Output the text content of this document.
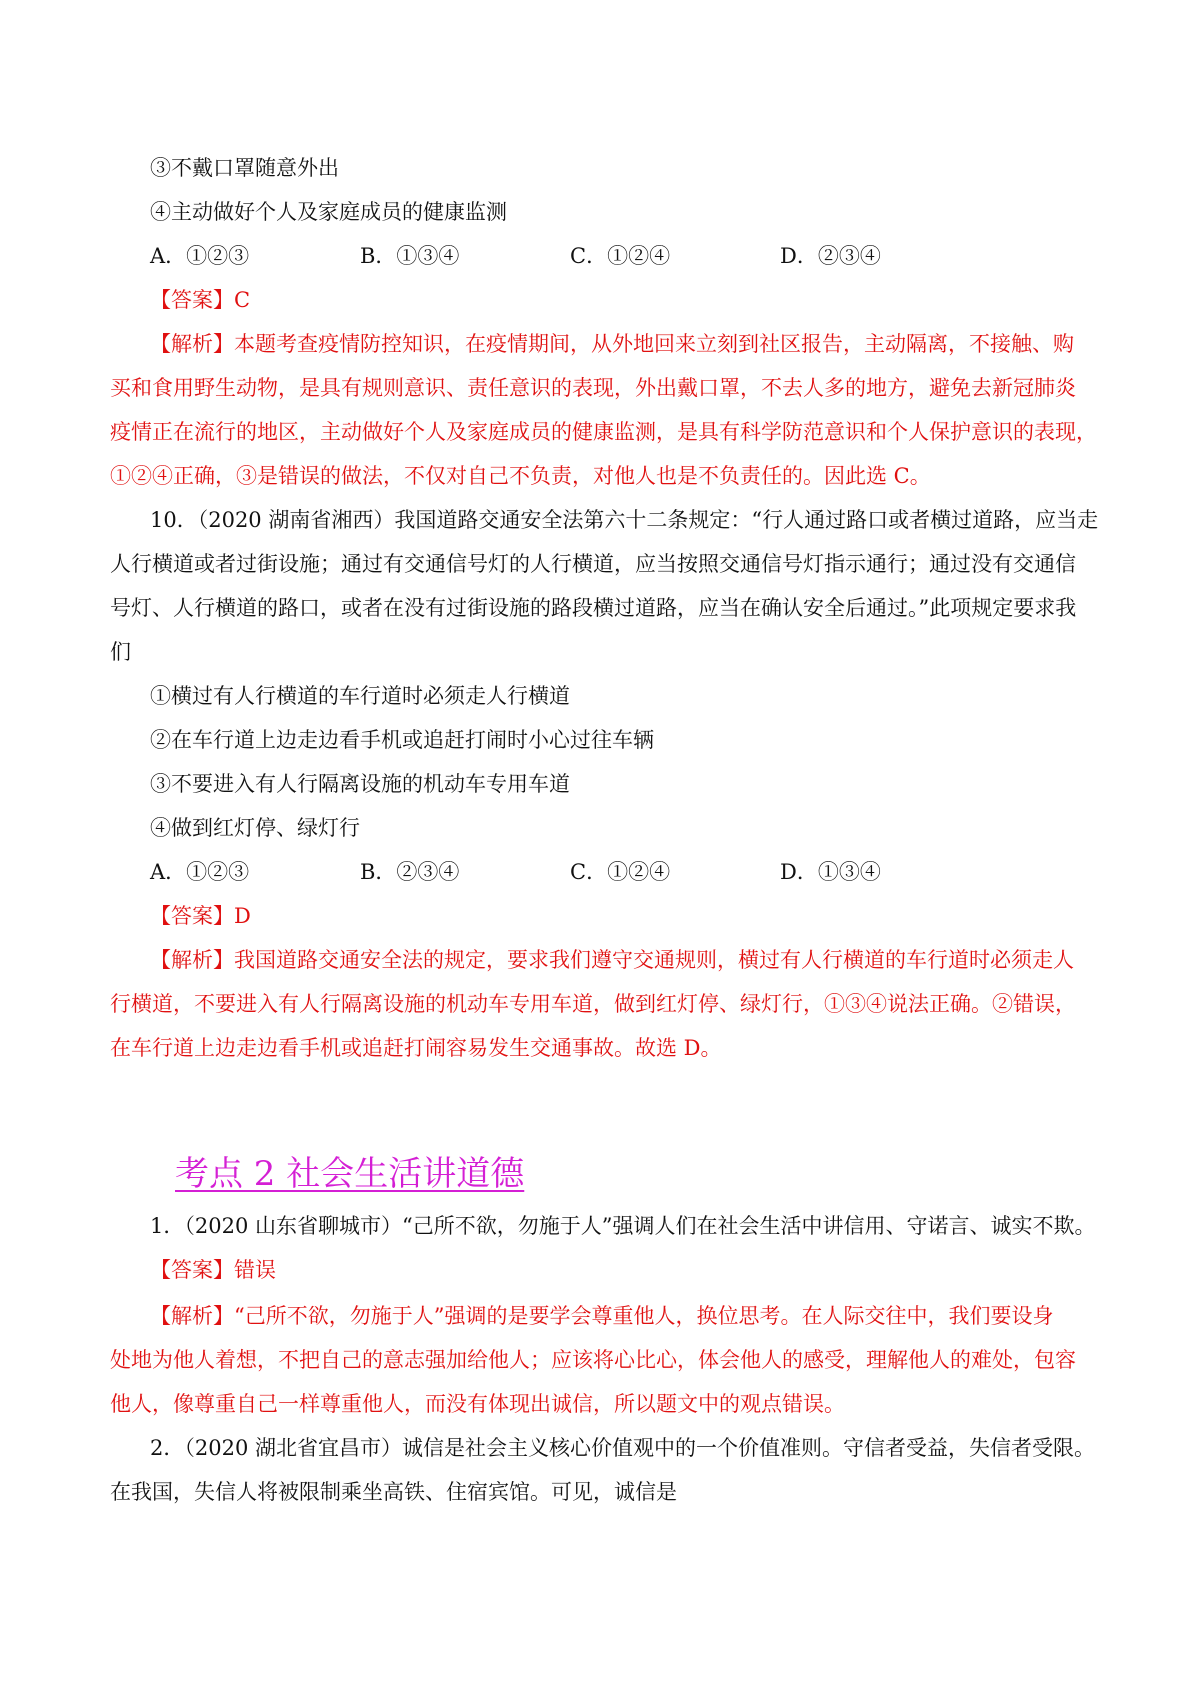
③不戴口罩随意外出
④主动做好个人及家庭成员的健康监测
A．①②③	B．①③④	C．①②④	D．②③④
【答案】C
【解析】本题考查疫情防控知识，在疫情期间，从外地回来立刻到社区报告，主动隔离，不接触、购
买和食用野生动物，是具有规则意识、责任意识的表现，外出戴口罩，不去人多的地方，避免去新冠肺炎
疫情正在流行的地区，主动做好个人及家庭成员的健康监测，是具有科学防范意识和个人保护意识的表现，
①②④正确，③是错误的做法，不仅对自己不负责，对他人也是不负责任的。因此选 C。
10．（2020 湖南省湘西）我国道路交通安全法第六十二条规定：“行人通过路口或者横过道路，应当走
人行横道或者过街设施；通过有交通信号灯的人行横道，应当按照交通信号灯指示通行；通过没有交通信
号灯、人行横道的路口，或者在没有过街设施的路段横过道路，应当在确认安全后通过。”此项规定要求我
们
①横过有人行横道的车行道时必须走人行横道
②在车行道上边走边看手机或追赶打闹时小心过往车辆
③不要进入有人行隔离设施的机动车专用车道
④做到红灯停、绿灯行
A．①②③	B．②③④	C．①②④	D．①③④
【答案】D
【解析】我国道路交通安全法的规定，要求我们遵守交通规则，横过有人行横道的车行道时必须走人
行横道，不要进入有人行隔离设施的机动车专用车道，做到红灯停、绿灯行，①③④说法正确。②错误，
在车行道上边走边看手机或追赶打闹容易发生交通事故。故选 D。
考点 2 社会生活讲道德
1．（2020 山东省聊城市）“己所不欲，勿施于人”强调人们在社会生活中讲信用、守诺言、诚实不欺。
【答案】错误
【解析】“己所不欲，勿施于人”强调的是要学会尊重他人，换位思考。在人际交往中，我们要设身
处地为他人着想，不把自己的意志强加给他人；应该将心比心，体会他人的感受，理解他人的难处，包容
他人，像尊重自己一样尊重他人，而没有体现出诚信，所以题文中的观点错误。
2．（2020 湖北省宜昌市）诚信是社会主义核心价值观中的一个价值准则。守信者受益，失信者受限。
在我国，失信人将被限制乘坐高铁、住宿宾馆。可见，诚信是
